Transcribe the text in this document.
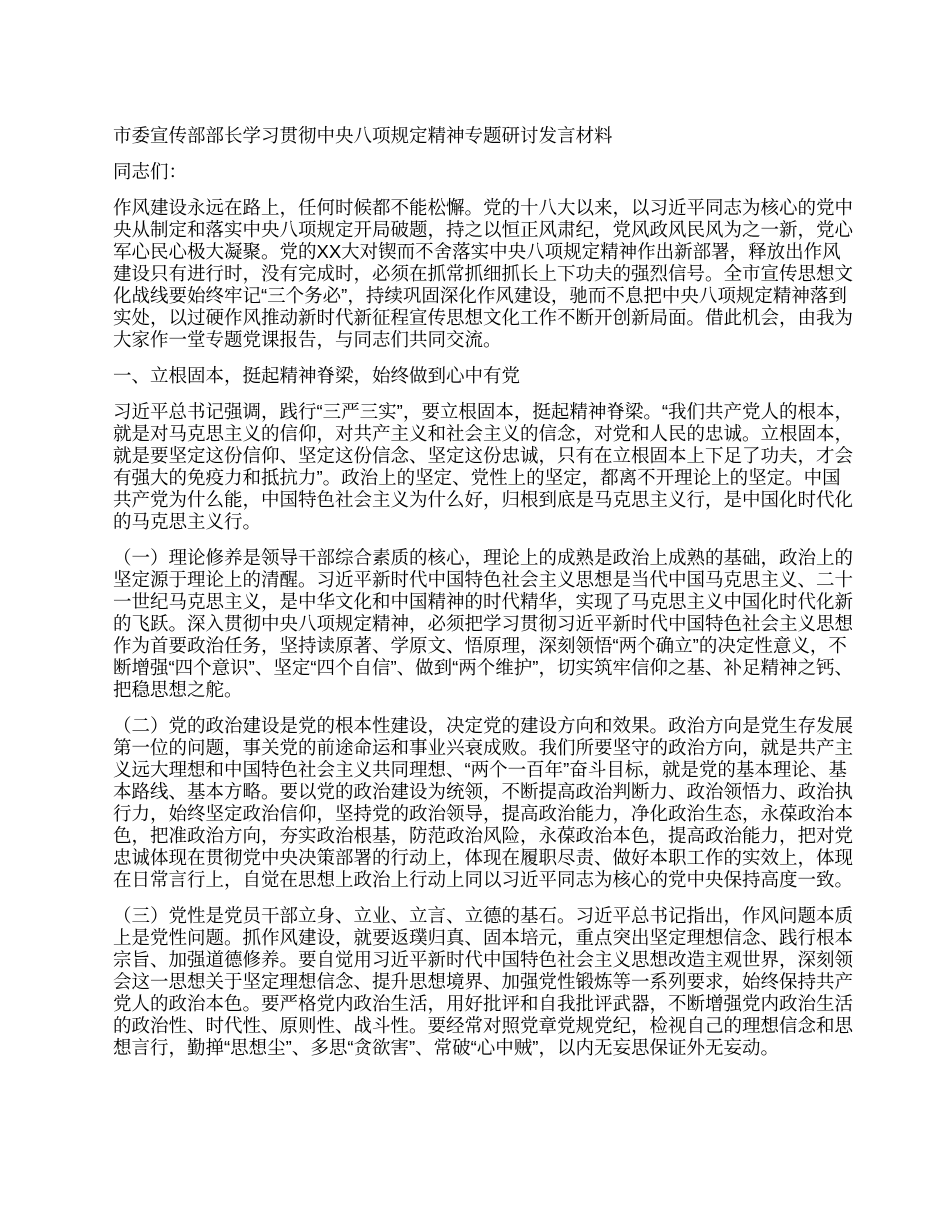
市委宣传部部长学习贯彻中央八项规定精神专题研讨发言材料

同志们：

作风建设永远在路上，任何时候都不能松懈。党的十八大以来，以习近平同志为核心的党中央从制定和落实中央八项规定开局破题，持之以恒正风肃纪，党风政风民风为之一新，党心军心民心极大凝聚。党的XX大对锲而不舍落实中央八项规定精神作出新部署，释放出作风建设只有进行时，没有完成时，必须在抓常抓细抓长上下功夫的强烈信号。全市宣传思想文化战线要始终牢记“三个务必”，持续巩固深化作风建设，驰而不息把中央八项规定精神落到实处，以过硬作风推动新时代新征程宣传思想文化工作不断开创新局面。借此机会，由我为大家作一堂专题党课报告，与同志们共同交流。

一、立根固本，挺起精神脊梁，始终做到心中有党

习近平总书记强调，践行“三严三实”，要立根固本，挺起精神脊梁。“我们共产党人的根本，就是对马克思主义的信仰，对共产主义和社会主义的信念，对党和人民的忠诚。立根固本，就是要坚定这份信仰、坚定这份信念、坚定这份忠诚，只有在立根固本上下足了功夫，才会有强大的免疫力和抵抗力”。政治上的坚定、党性上的坚定，都离不开理论上的坚定。中国共产党为什么能，中国特色社会主义为什么好，归根到底是马克思主义行，是中国化时代化的马克思主义行。

（一）理论修养是领导干部综合素质的核心，理论上的成熟是政治上成熟的基础，政治上的坚定源于理论上的清醒。习近平新时代中国特色社会主义思想是当代中国马克思主义、二十一世纪马克思主义，是中华文化和中国精神的时代精华，实现了马克思主义中国化时代化新的飞跃。深入贯彻中央八项规定精神，必须把学习贯彻习近平新时代中国特色社会主义思想作为首要政治任务，坚持读原著、学原文、悟原理，深刻领悟“两个确立”的决定性意义，不断增强“四个意识”、坚定“四个自信”、做到“两个维护”，切实筑牢信仰之基、补足精神之钙、把稳思想之舵。

（二）党的政治建设是党的根本性建设，决定党的建设方向和效果。政治方向是党生存发展第一位的问题，事关党的前途命运和事业兴衰成败。我们所要坚守的政治方向，就是共产主义远大理想和中国特色社会主义共同理想、“两个一百年”奋斗目标，就是党的基本理论、基本路线、基本方略。要以党的政治建设为统领，不断提高政治判断力、政治领悟力、政治执行力，始终坚定政治信仰，坚持党的政治领导，提高政治能力，净化政治生态，永葆政治本色，把准政治方向，夯实政治根基，防范政治风险，永葆政治本色，提高政治能力，把对党忠诚体现在贯彻党中央决策部署的行动上，体现在履职尽责、做好本职工作的实效上，体现在日常言行上，自觉在思想上政治上行动上同以习近平同志为核心的党中央保持高度一致。

（三）党性是党员干部立身、立业、立言、立德的基石。习近平总书记指出，作风问题本质上是党性问题。抓作风建设，就要返璞归真、固本培元，重点突出坚定理想信念、践行根本宗旨、加强道德修养。要自觉用习近平新时代中国特色社会主义思想改造主观世界，深刻领会这一思想关于坚定理想信念、提升思想境界、加强党性锻炼等一系列要求，始终保持共产党人的政治本色。要严格党内政治生活，用好批评和自我批评武器，不断增强党内政治生活的政治性、时代性、原则性、战斗性。要经常对照党章党规党纪，检视自己的理想信念和思想言行，勤掸“思想尘”、多思“贪欲害”、常破“心中贼”，以内无妄思保证外无妄动。
